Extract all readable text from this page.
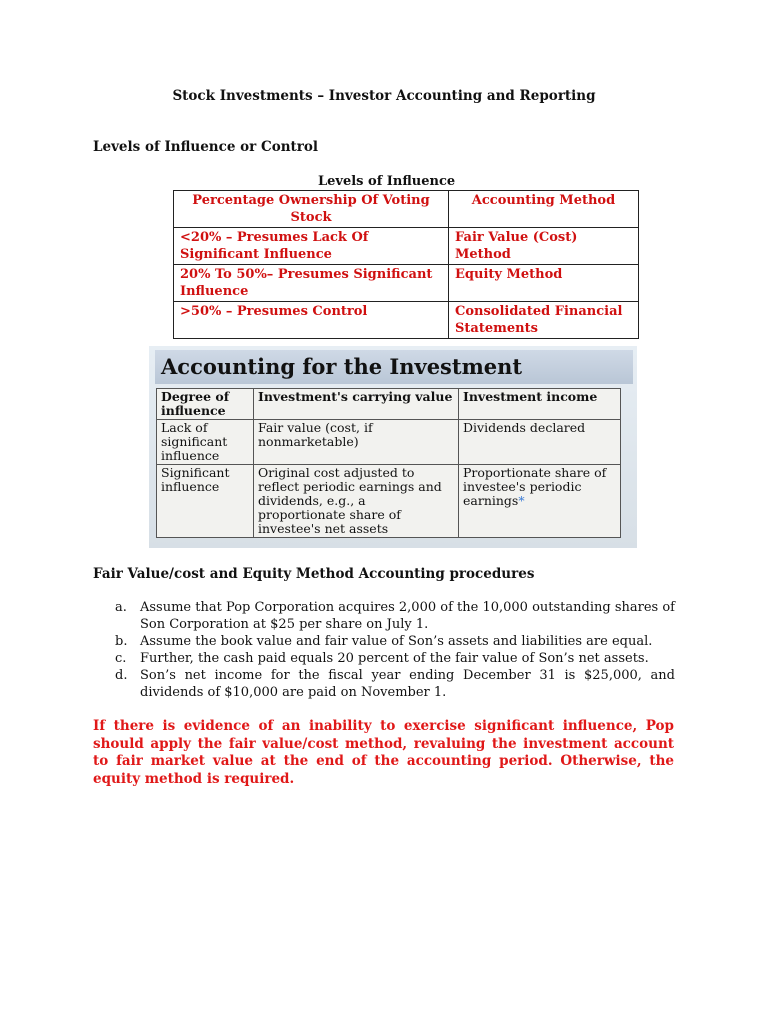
Stock Investments – Investor Accounting and Reporting
Levels of Influence or Control
Levels of Influence
Percentage Ownership Of Voting Stock	Accounting Method
<20% – Presumes Lack Of Significant Influence	Fair Value (Cost) Method
20% To 50%– Presumes Significant Influence	Equity Method
>50% – Presumes Control	Consolidated Financial Statements
Accounting for the Investment
Degree of influence	Investment's carrying value	Investment income
Lack of significant influence	Fair value (cost, if nonmarketable)	Dividends declared
Significant influence	Original cost adjusted to reflect periodic earnings and dividends, e.g., a proportionate share of investee's net assets	Proportionate share of investee's periodic earnings*
Fair Value/cost and Equity Method Accounting procedures
a. Assume that Pop Corporation acquires 2,000 of the 10,000 outstanding shares of Son Corporation at $25 per share on July 1.
b. Assume the book value and fair value of Son’s assets and liabilities are equal.
c. Further, the cash paid equals 20 percent of the fair value of Son’s net assets.
d. Son’s net income for the fiscal year ending December 31 is $25,000, and dividends of $10,000 are paid on November 1.
If there is evidence of an inability to exercise significant influence, Pop should apply the fair value/cost method, revaluing the investment account to fair market value at the end of the accounting period. Otherwise, the equity method is required.
